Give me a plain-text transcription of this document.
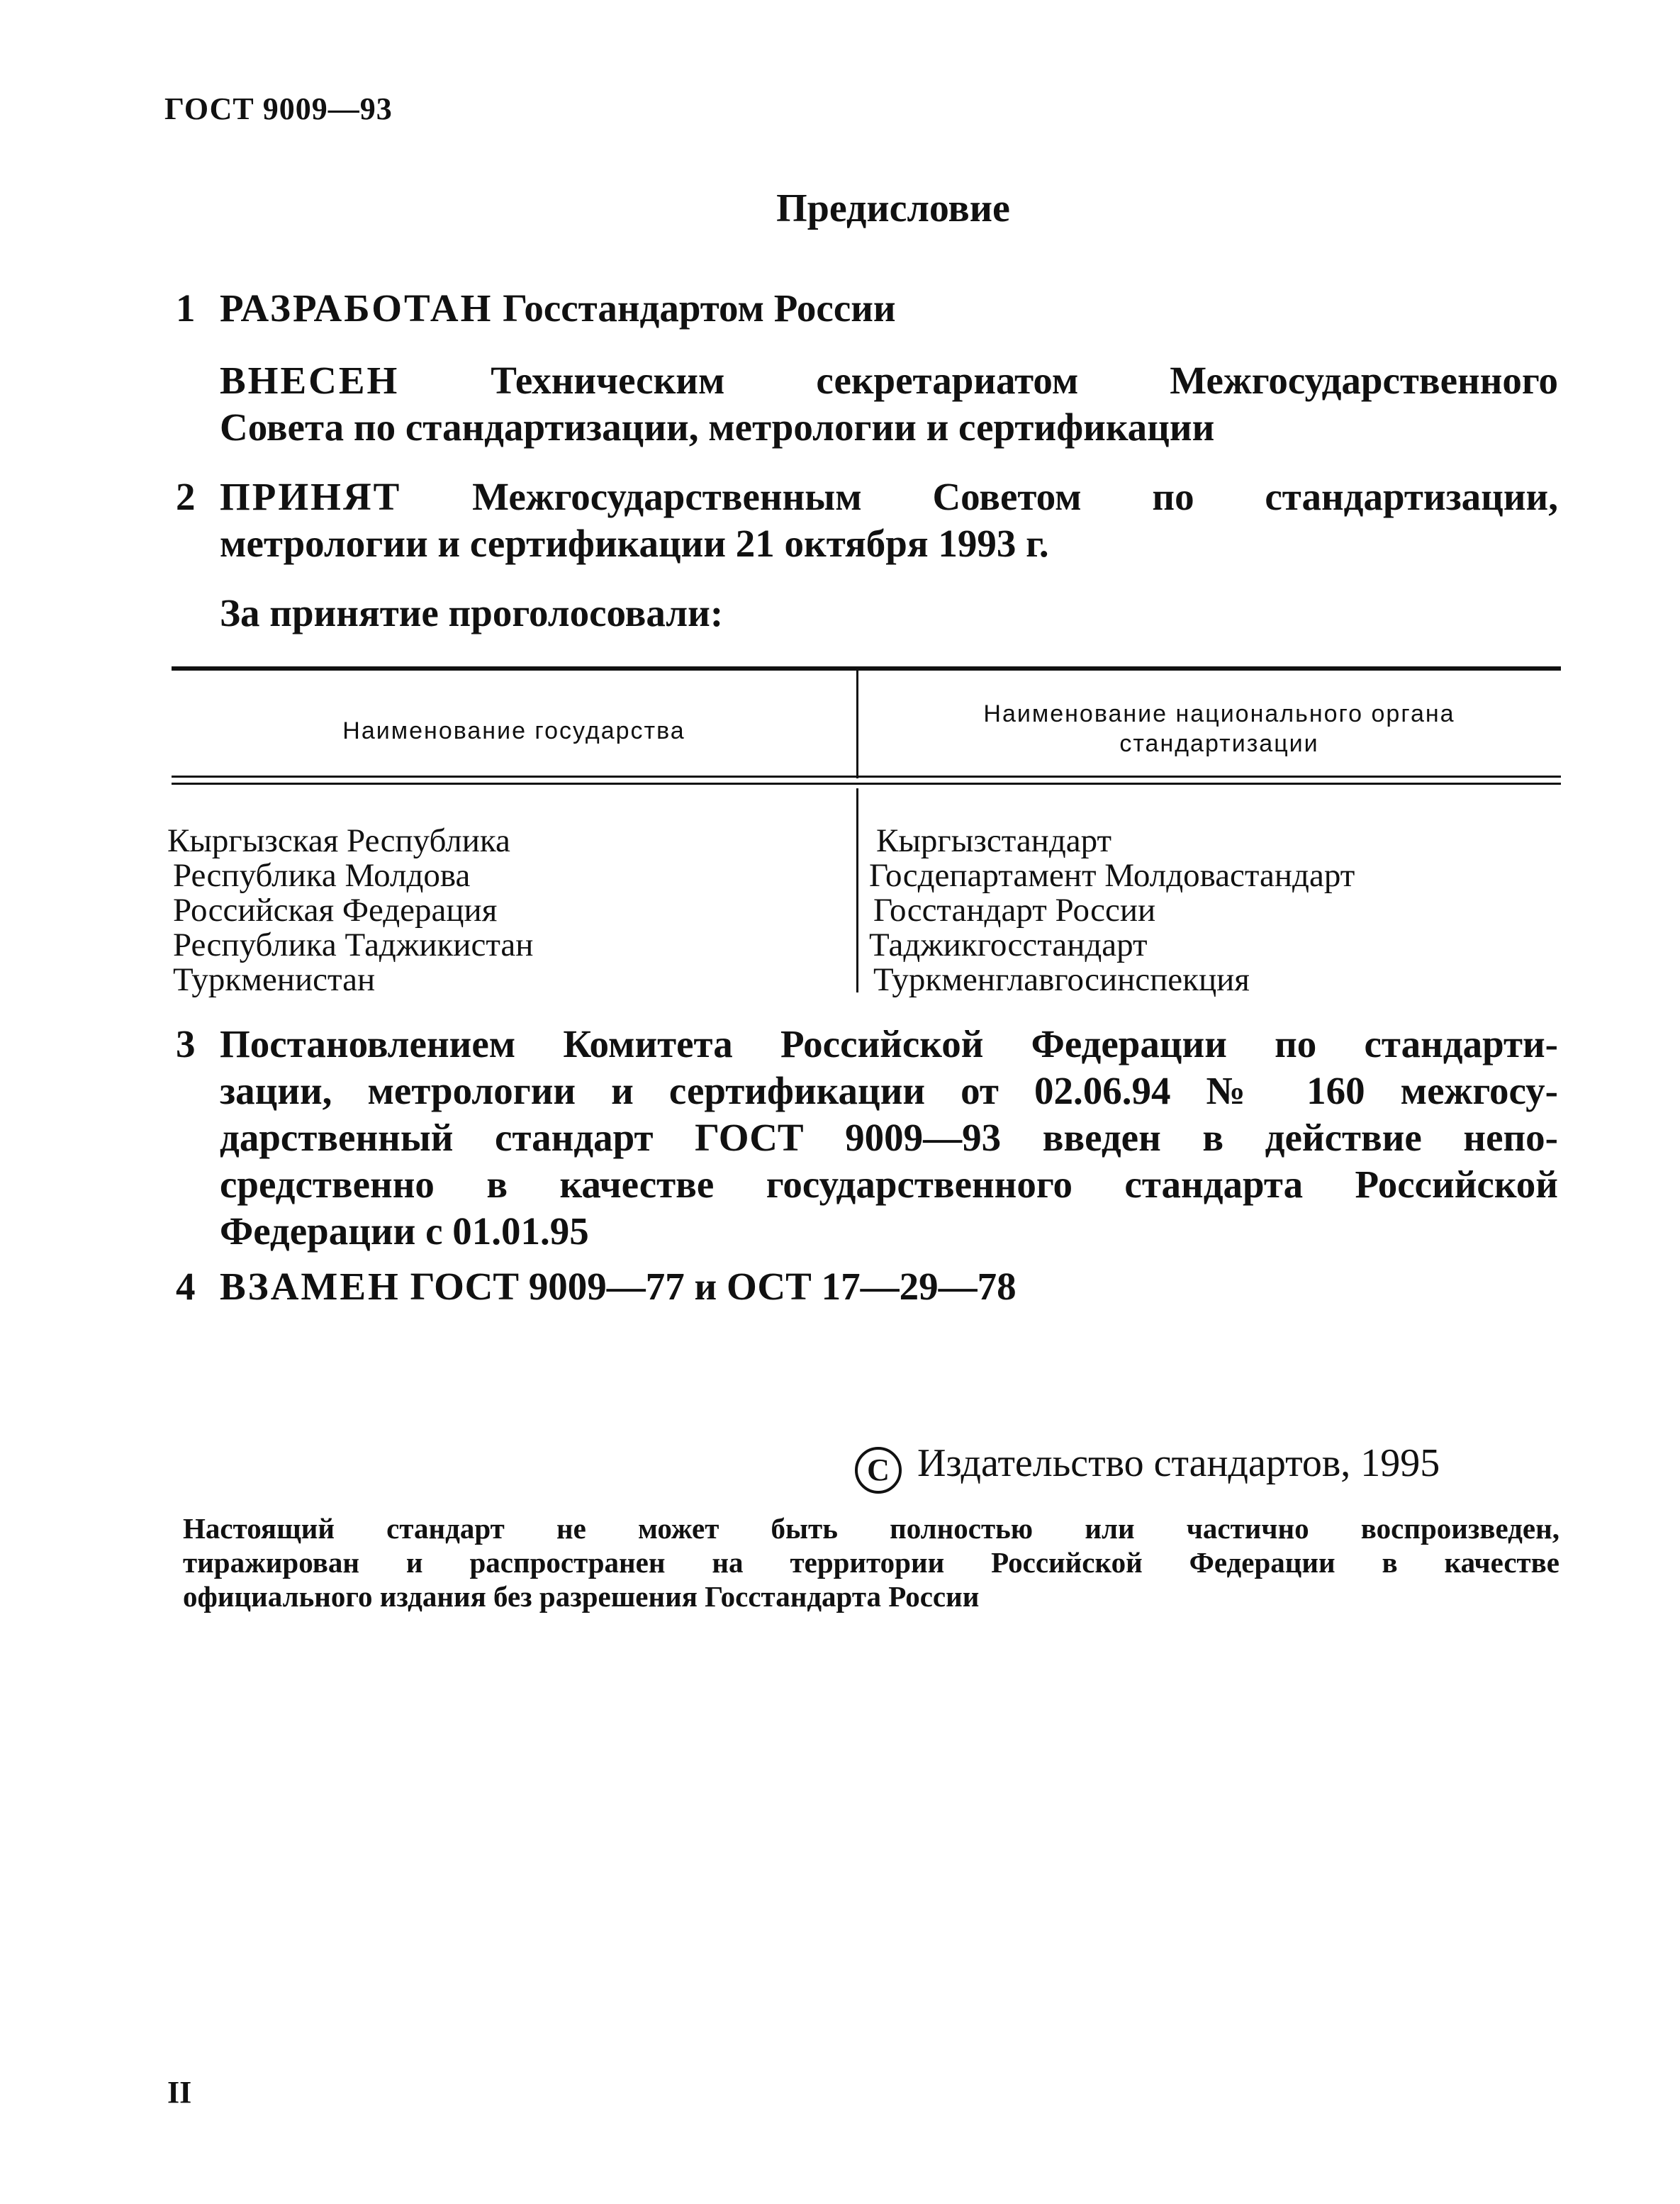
ГОСТ 9009—93
Предисловие
1 РАЗРАБОТАН Госстандартом России
ВНЕСЕН Техническим секретариатом Межгосударственного
Совета по стандартизации, метрологии и сертификации
2 ПРИНЯТ Межгосударственным Советом по стандартизации,
метрологии и сертификации 21 октября 1993 г.
За принятие проголосовали:
Наименование государства
Наименование национального органа стандартизации
Кыргызская Республика
Республика Молдова
Российская Федерация
Республика Таджикистан
Туркменистан
Кыргызстандарт
Госдепартамент Молдовастандарт
Госстандарт России
Таджикгосстандарт
Туркменглавгосинспекция
3 Постановлением Комитета Российской Федерации по стандарти-
зации, метрологии и сертификации от 02.06.94 № 160 межгосу-
дарственный стандарт ГОСТ 9009—93 введен в действие непо-
средственно в качестве государственного стандарта Российской
Федерации с 01.01.95
4 ВЗАМЕН ГОСТ 9009—77 и ОСТ 17—29—78
C Издательство стандартов, 1995
Настоящий стандарт не может быть полностью или частично воспроизведен,
тиражирован и распространен на территории Российской Федерации в качестве
официального издания без разрешения Госстандарта России
II
